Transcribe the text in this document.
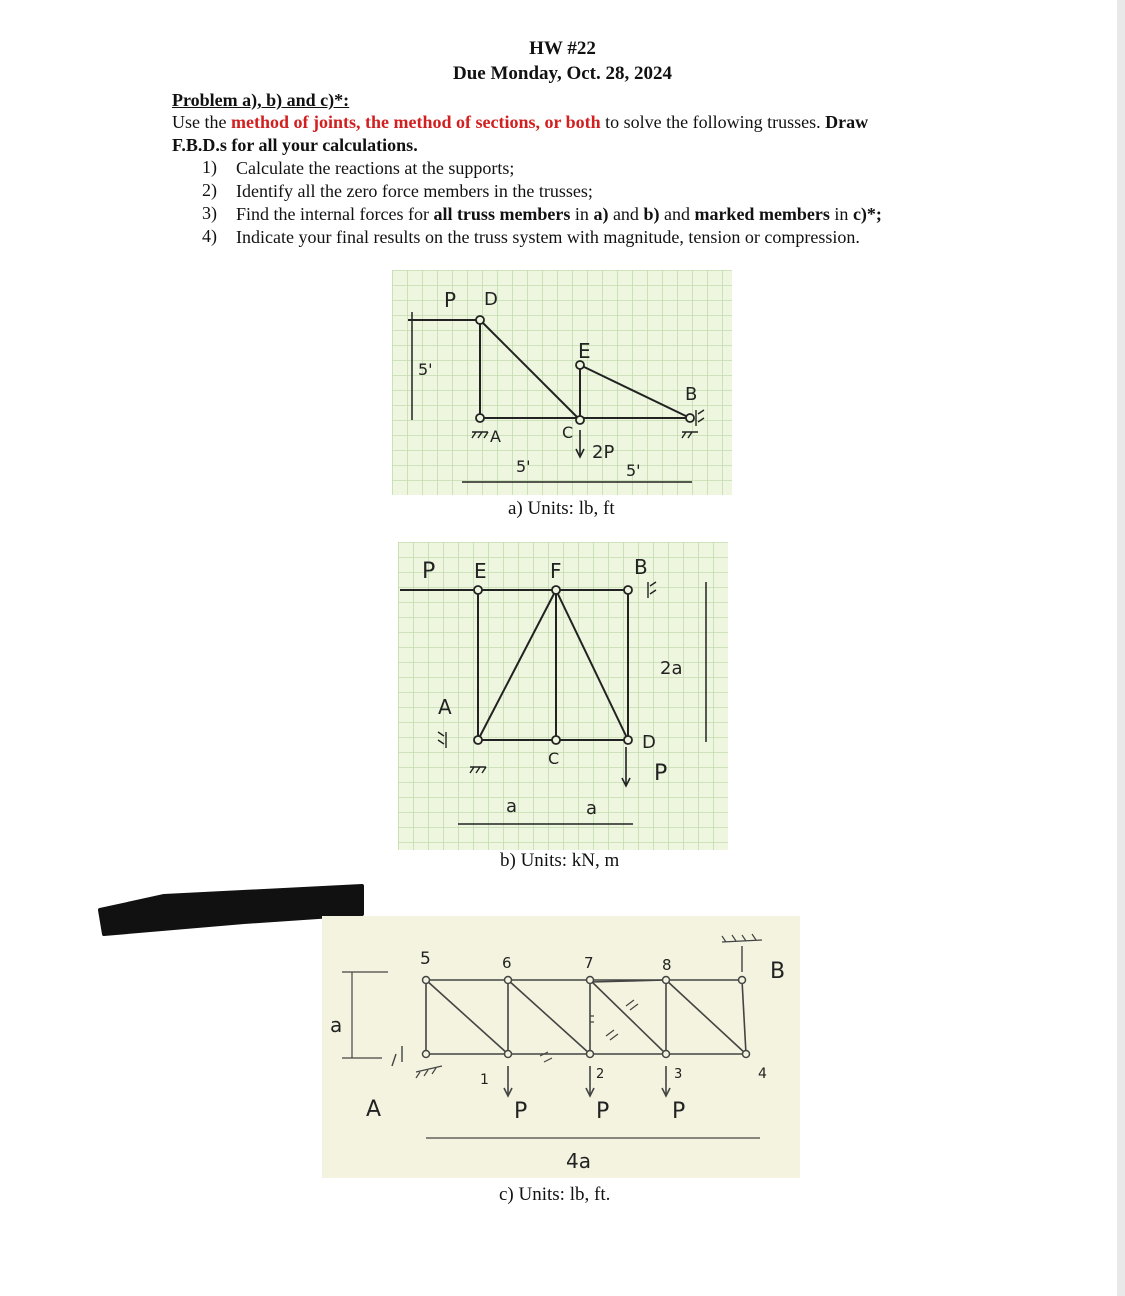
HW #22
Due Monday, Oct. 28, 2024
Problem a), b) and c)*:
Use the method of joints, the method of sections, or both to solve the following trusses. Draw
F.B.D.s for all your calculations.
1) Calculate the reactions at the supports;
2) Identify all the zero force members in the trusses;
3) Find the internal forces for all truss members in a) and b) and marked members in c)*;
4) Indicate your final results on the truss system with magnitude, tension or compression.
P D
E
B
A	C
2P
5'
5'	5'
a) Units: lb, ft
P E	F	B
A
C
D
P
2a
a	a
b) Units: kN, m
5	6	7	8	B
A
a
1	2	3	4
P	P	P
4a
c) Units: lb, ft.
